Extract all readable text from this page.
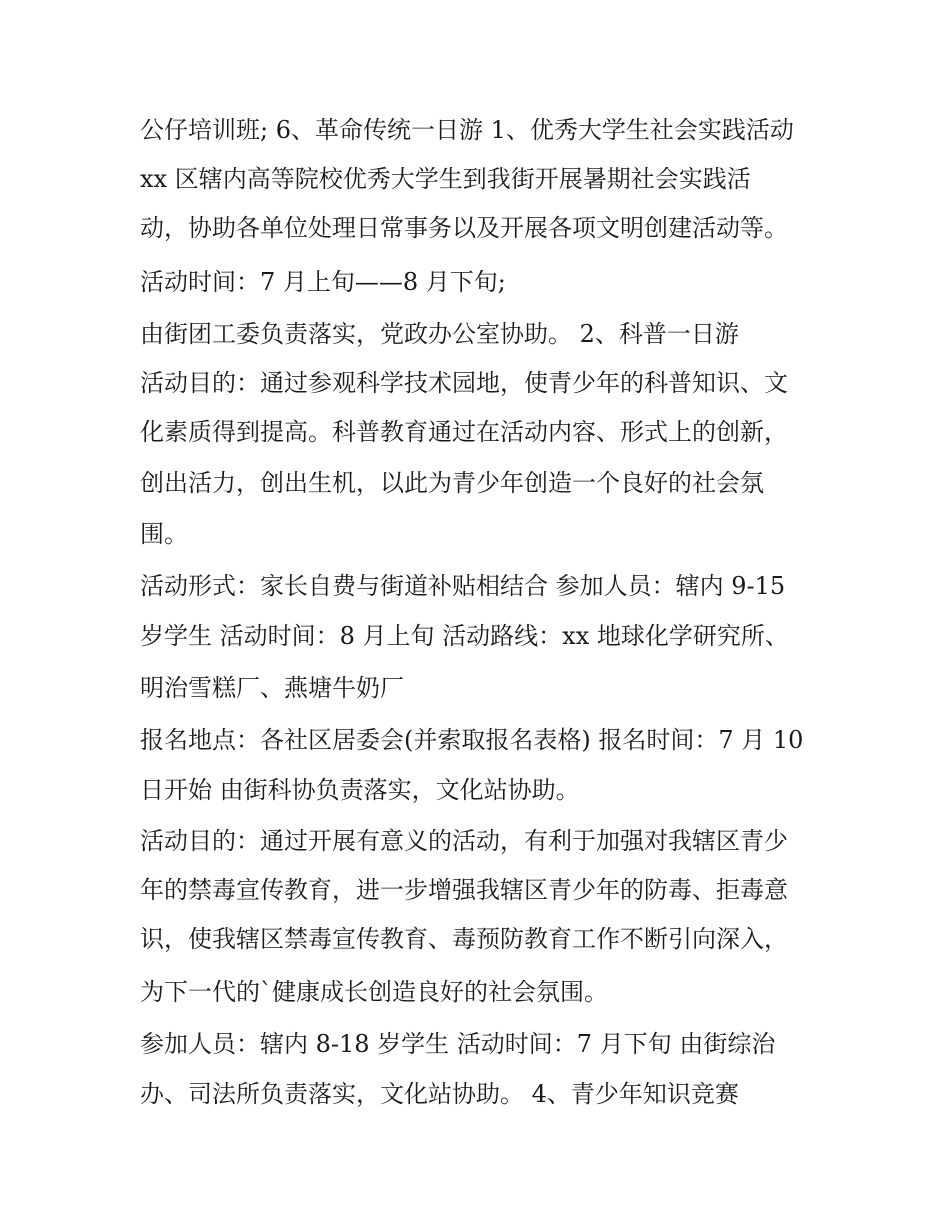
公仔培训班; 6、革命传统一日游 1、优秀大学生社会实践活动
xx 区辖内高等院校优秀大学生到我街开展暑期社会实践活
动，协助各单位处理日常事务以及开展各项文明创建活动等。
活动时间：7 月上旬——8 月下旬;
由街团工委负责落实，党政办公室协助。 2、科普一日游
活动目的：通过参观科学技术园地，使青少年的科普知识、文
化素质得到提高。科普教育通过在活动内容、形式上的创新，
创出活力，创出生机，以此为青少年创造一个良好的社会氛
围。
活动形式：家长自费与街道补贴相结合 参加人员：辖内 9-15
岁学生 活动时间：8 月上旬 活动路线：xx 地球化学研究所、
明治雪糕厂、燕塘牛奶厂
报名地点：各社区居委会(并索取报名表格) 报名时间：7 月 10
日开始 由街科协负责落实，文化站协助。
活动目的：通过开展有意义的活动，有利于加强对我辖区青少
年的禁毒宣传教育，进一步增强我辖区青少年的防毒、拒毒意
识，使我辖区禁毒宣传教育、毒预防教育工作不断引向深入，
为下一代的`健康成长创造良好的社会氛围。
参加人员：辖内 8-18 岁学生 活动时间：7 月下旬 由街综治
办、司法所负责落实，文化站协助。 4、青少年知识竞赛
